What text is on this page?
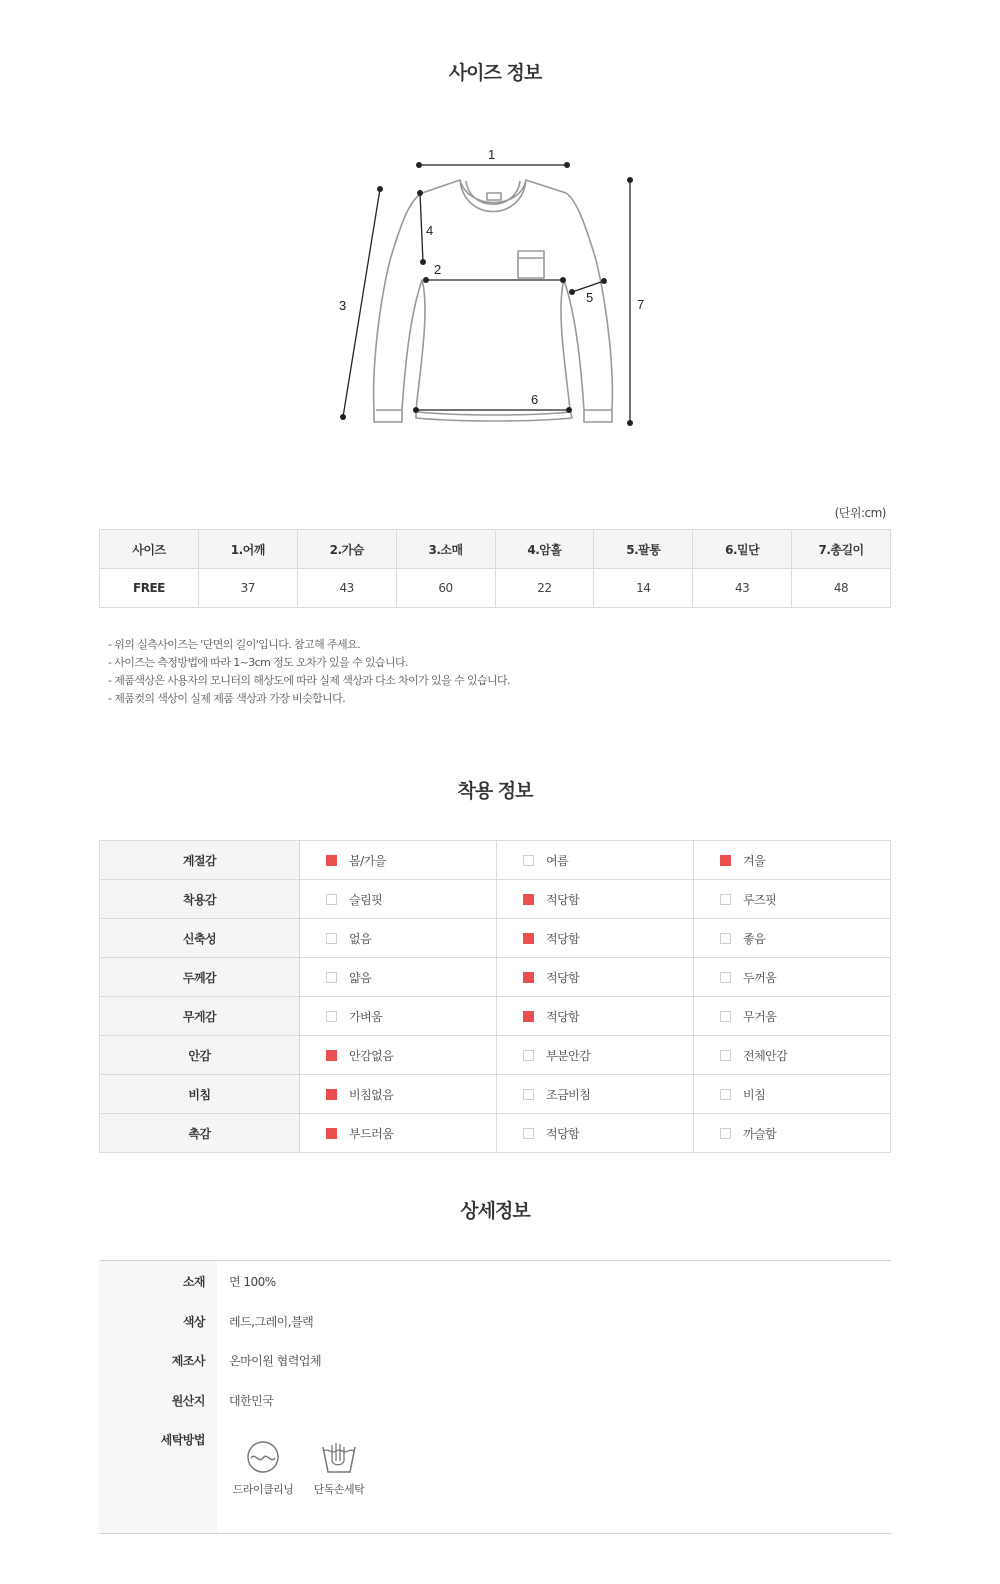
사이즈 정보
1
2
3
4
5
6
7
(단위:cm)
사이즈	1.어깨	2.가슴	3.소매	4.암홀	5.팔통	6.밑단	7.총길이
FREE	37	43	60	22	14	43	48
- 위의 실측사이즈는 '단면의 길이'입니다. 참고해 주세요.
- 사이즈는 측정방법에 따라 1~3cm 정도 오차가 있을 수 있습니다.
- 제품색상은 사용자의 모니터의 해상도에 따라 실제 색상과 다소 차이가 있을 수 있습니다.
- 제품컷의 색상이 실제 제품 색상과 가장 비슷합니다.
착용 정보
계절감	봄/가을	여름	겨울
착용감	슬림핏	적당함	루즈핏
신축성	없음	적당함	좋음
두께감	얇음	적당함	두꺼움
무게감	가벼움	적당함	무거움
안감	안감없음	부분안감	전체안감
비침	비침없음	조금비침	비침
촉감	부드러움	적당함	까슬함
상세정보
소재 면 100%
색상 레드,그레이,블랙
제조사 온마이원 협력업체
원산지 대한민국
세탁방법
드라이클리닝	단독손세탁
